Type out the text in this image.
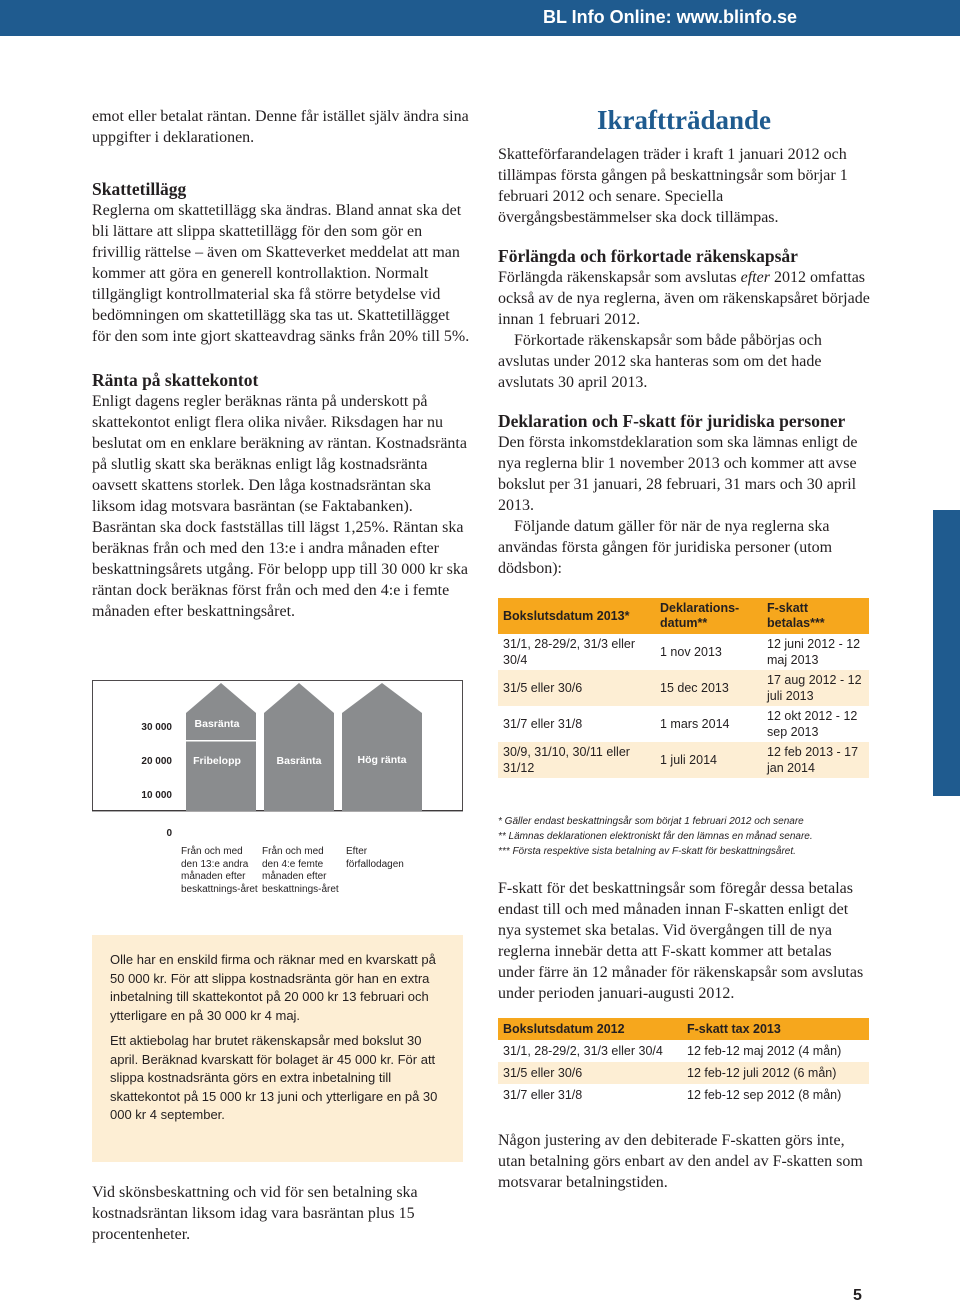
BL Info Online: www.blinfo.se

emot eller betalat räntan. Denne får istället själv ändra sina uppgifter i deklarationen.

Skattetillägg

Reglerna om skattetillägg ska ändras. Bland annat ska det bli lättare att slippa skattetillägg för den som gör en frivillig rättelse – även om Skatteverket meddelat att man kommer att göra en generell kontrollaktion. Normalt tillgängligt kontrollmaterial ska få större betydelse vid bedömningen om skattetillägg ska tas ut. Skattetillägget för den som inte gjort skatteavdrag sänks från 20% till 5%.

Ränta på skattekontot

Enligt dagens regler beräknas ränta på underskott på skattekontot enligt flera olika nivåer. Riksdagen har nu beslutat om en enklare beräkning av räntan. Kostnadsränta på slutlig skatt ska beräknas enligt låg kostnadsränta oavsett skattens storlek. Den låga kostnadsräntan ska liksom idag motsvara basräntan (se Faktabanken). Basräntan ska dock fastställas till lägst 1,25%. Räntan ska beräknas från och med den 13:e i andra månaden efter beskattningsårets utgång. För belopp upp till 30 000 kr ska räntan dock beräknas först från och med den 4:e i femte månaden efter beskattningsåret.

30 000
20 000
10 000
0
Basränta
Fribelopp	Basränta	Hög ränta
Från och med den 13:e andra månaden efter beskattnings-året
Från och med den 4:e femte månaden efter beskattnings-året
Efter förfallodagen

Olle har en enskild firma och räknar med en kvarskatt på 50 000 kr. För att slippa kostnadsränta gör han en extra inbetalning till skattekontot på 20 000 kr 13 februari och ytterligare en på 30 000 kr 4 maj.

Ett aktiebolag har brutet räkenskapsår med bokslut 30 april. Beräknad kvarskatt för bolaget är 45 000 kr. För att slippa kostnadsränta görs en extra inbetalning till skattekontot på 15 000 kr 13 juni och ytterligare en på 30 000 kr 4 september.

Vid skönsbeskattning och vid för sen betalning ska kostnadsräntan liksom idag vara basräntan plus 15 procentenheter.

Ikraftträdande

Skatteförfarandelagen träder i kraft 1 januari 2012 och tillämpas första gången på beskattningsår som börjar 1 februari 2012 och senare. Speciella övergångsbestämmelser ska dock tillämpas.

Förlängda och förkortade räkenskapsår

Förlängda räkenskapsår som avslutas efter 2012 omfattas också av de nya reglerna, även om räkenskapsåret började innan 1 februari 2012.

Förkortade räkenskapsår som både påbörjas och avslutas under 2012 ska hanteras som om det hade avslutats 30 april 2013.

Deklaration och F-skatt för juridiska personer

Den första inkomstdeklaration som ska lämnas enligt de nya reglerna blir 1 november 2013 och kommer att avse bokslut per 31 januari, 28 februari, 31 mars och 30 april 2013.

Följande datum gäller för när de nya reglerna ska användas första gången för juridiska personer (utom dödsbon):

Bokslutsdatum 2013*	Deklarations-datum**	F-skatt betalas***
31/1, 28-29/2, 31/3 eller 30/4	1 nov 2013	12 juni 2012 - 12 maj 2013
31/5 eller 30/6	15 dec 2013	17 aug 2012 - 12 juli 2013
31/7 eller 31/8	1 mars 2014	12 okt 2012 - 12 sep 2013
30/9, 31/10, 30/11 eller 31/12	1 juli 2014	12 feb 2013 - 17 jan 2014
* Gäller endast beskattningsår som börjat 1 februari 2012 och senare
** Lämnas deklarationen elektroniskt får den lämnas en månad senare.
*** Första respektive sista betalning av F-skatt för beskattningsåret.

F-skatt för det beskattningsår som föregår dessa betalas endast till och med månaden innan F-skatten enligt det nya systemet ska betalas. Vid övergången till de nya reglerna innebär detta att F-skatt kommer att betalas under färre än 12 månader för räkenskapsår som avslutas under perioden januari-augusti 2012.

Bokslutsdatum 2012	F-skatt tax 2013
31/1, 28-29/2, 31/3 eller 30/4	12 feb-12 maj 2012 (4 mån)
31/5 eller 30/6	12 feb-12 juli 2012 (6 mån)
31/7 eller 31/8	12 feb-12 sep 2012 (8 mån)

Någon justering av den debiterade F-skatten görs inte, utan betalning görs enbart av den andel av F-skatten som motsvarar betalningstiden.

5
